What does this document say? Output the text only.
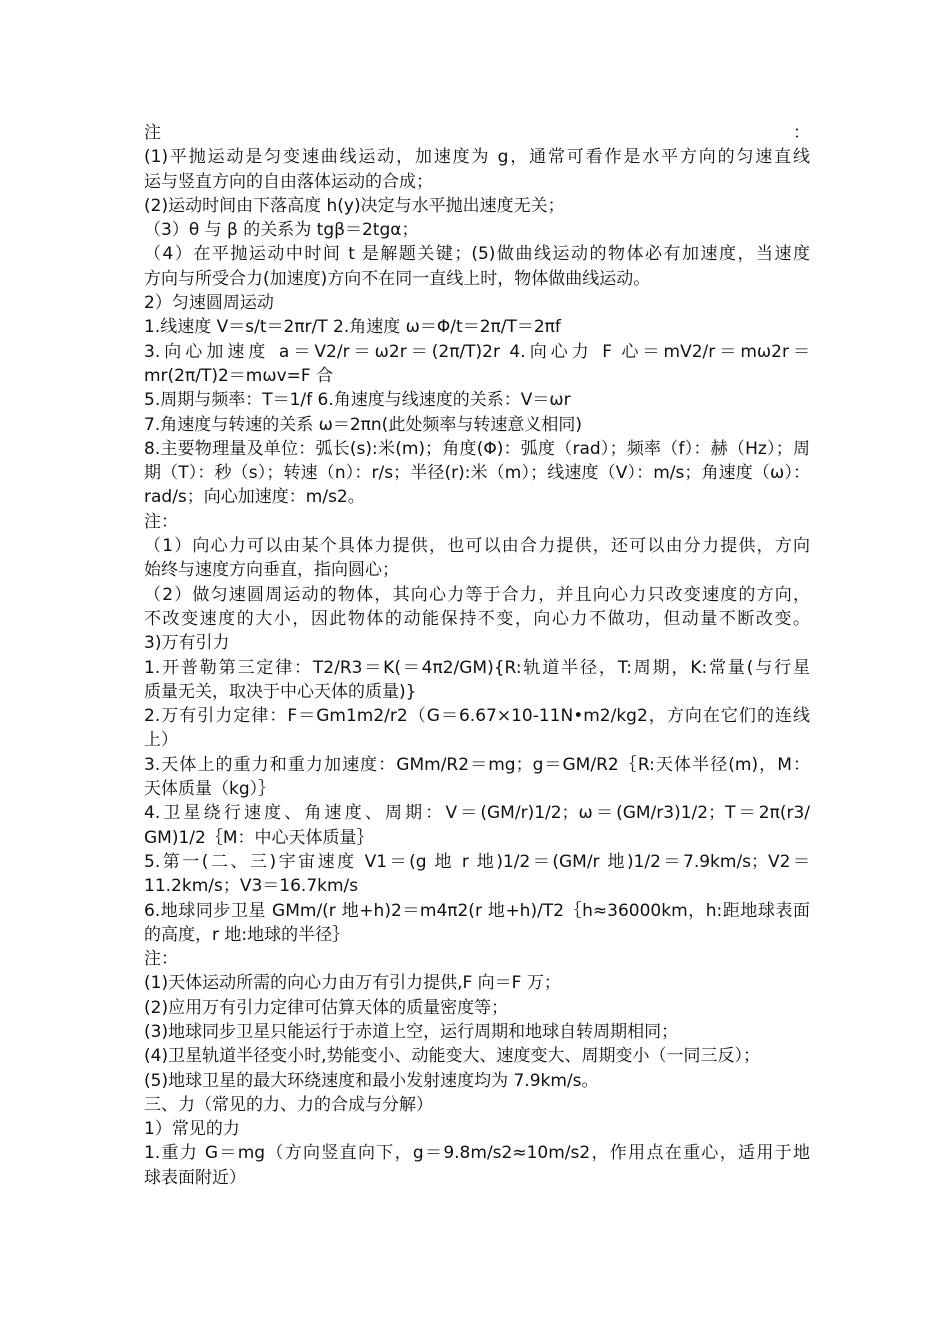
注：
(1)平抛运动是匀变速曲线运动，加速度为 g，通常可看作是水平方向的匀速直线
运与竖直方向的自由落体运动的合成；
(2)运动时间由下落高度 h(y)决定与水平抛出速度无关；
（3）θ 与 β 的关系为 tgβ＝2tgα；
（4）在平抛运动中时间 t 是解题关键；(5)做曲线运动的物体必有加速度，当速度
方向与所受合力(加速度)方向不在同一直线上时，物体做曲线运动。
2）匀速圆周运动
1.线速度 V＝s/t＝2πr/T 2.角速度 ω＝Φ/t＝2π/T＝2πf
3.向心加速度 a＝V2/r＝ω2r＝(2π/T)2r 4.向心力 F 心＝mV2/r＝mω2r＝
mr(2π/T)2＝mωv=F 合
5.周期与频率：T＝1/f 6.角速度与线速度的关系：V＝ωr
7.角速度与转速的关系 ω＝2πn(此处频率与转速意义相同)
8.主要物理量及单位：弧长(s):米(m)；角度(Φ)：弧度（rad）；频率（f）：赫（Hz）；周
期（T）：秒（s）；转速（n）：r/s；半径(r):米（m）；线速度（V）：m/s；角速度（ω）：
rad/s；向心加速度：m/s2。
注：
（1）向心力可以由某个具体力提供，也可以由合力提供，还可以由分力提供，方向
始终与速度方向垂直，指向圆心；
（2）做匀速圆周运动的物体，其向心力等于合力，并且向心力只改变速度的方向，
不改变速度的大小，因此物体的动能保持不变，向心力不做功，但动量不断改变。
3)万有引力
1.开普勒第三定律：T2/R3＝K(＝4π2/GM){R:轨道半径，T:周期，K:常量(与行星
质量无关，取决于中心天体的质量)}
2.万有引力定律：F＝Gm1m2/r2（G＝6.67×10-11N•m2/kg2，方向在它们的连线
上）
3.天体上的重力和重力加速度：GMm/R2＝mg；g＝GM/R2｛R:天体半径(m)，M：
天体质量（kg）｝
4.卫星绕行速度、角速度、周期：V＝(GM/r)1/2；ω＝(GM/r3)1/2；T＝2π(r3/
GM)1/2｛M：中心天体质量｝
5.第一(二、三)宇宙速度 V1＝(g 地 r 地)1/2＝(GM/r 地)1/2＝7.9km/s；V2＝
11.2km/s；V3＝16.7km/s
6.地球同步卫星 GMm/(r 地+h)2＝m4π2(r 地+h)/T2｛h≈36000km，h:距地球表面
的高度，r 地:地球的半径｝
注：
(1)天体运动所需的向心力由万有引力提供,F 向＝F 万；
(2)应用万有引力定律可估算天体的质量密度等；
(3)地球同步卫星只能运行于赤道上空，运行周期和地球自转周期相同；
(4)卫星轨道半径变小时,势能变小、动能变大、速度变大、周期变小（一同三反）；
(5)地球卫星的最大环绕速度和最小发射速度均为 7.9km/s。
三、力（常见的力、力的合成与分解）
1）常见的力
1.重力 G＝mg（方向竖直向下，g＝9.8m/s2≈10m/s2，作用点在重心，适用于地
球表面附近）
